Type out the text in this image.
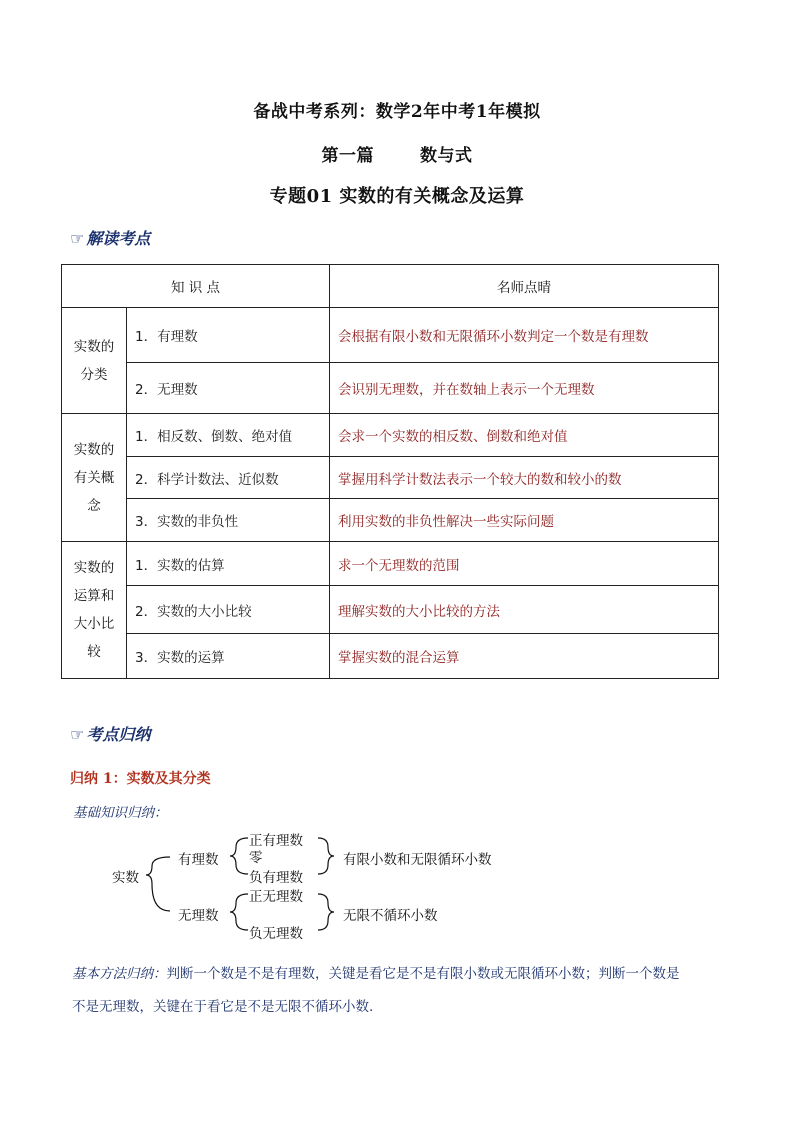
备战中考系列：数学2年中考1年模拟
第一篇	数与式
专题01 实数的有关概念及运算
☞ 解读考点
知 识 点		名师点晴
实数的分类	1．有理数	会根据有限小数和无限循环小数判定一个数是有理数
	2．无理数	会识别无理数，并在数轴上表示一个无理数
实数的有关概念	1．相反数、倒数、绝对值	会求一个实数的相反数、倒数和绝对值
	2．科学计数法、近似数	掌握用科学计数法表示一个较大的数和较小的数
	3．实数的非负性	利用实数的非负性解决一些实际问题
实数的运算和大小比较	1．实数的估算	求一个无理数的范围
	2．实数的大小比较	理解实数的大小比较的方法
	3．实数的运算	掌握实数的混合运算
☞ 考点归纳
归纳 1：实数及其分类
基础知识归纳：
实数
有理数
正有理数
零
负有理数
有限小数和无限循环小数
无理数
正无理数
负无理数
无限不循环小数
基本方法归纳：判断一个数是不是有理数，关键是看它是不是有限小数或无限循环小数；判断一个数是
不是无理数，关键在于看它是不是无限不循环小数.
